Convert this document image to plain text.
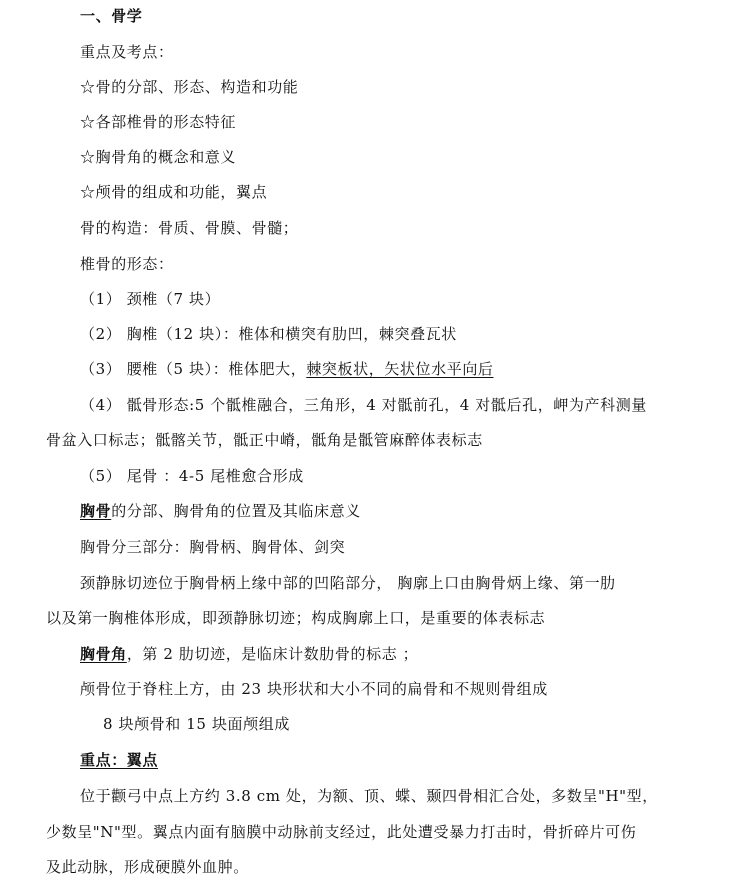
一、骨学
重点及考点：
☆骨的分部、形态、构造和功能
☆各部椎骨的形态特征
☆胸骨角的概念和意义
☆颅骨的组成和功能，翼点
骨的构造：骨质、骨膜、骨髓；
椎骨的形态：
（1） 颈椎（7 块）
（2） 胸椎（12 块）：椎体和横突有肋凹，棘突叠瓦状
（3） 腰椎（5 块）：椎体肥大，棘突板状，矢状位水平向后
（4） 骶骨形态:5 个骶椎融合，三角形，4 对骶前孔，4 对骶后孔，岬为产科测量
骨盆入口标志；骶髂关节，骶正中嵴，骶角是骶管麻醉体表标志
（5） 尾骨 ：4-5 尾椎愈合形成
胸骨的分部、胸骨角的位置及其临床意义
胸骨分三部分：胸骨柄、胸骨体、剑突
颈静脉切迹位于胸骨柄上缘中部的凹陷部分， 胸廓上口由胸骨炳上缘、第一肋
以及第一胸椎体形成，即颈静脉切迹；构成胸廓上口，是重要的体表标志
胸骨角，第 2 肋切迹，是临床计数肋骨的标志 ；
颅骨位于脊柱上方，由 23 块形状和大小不同的扁骨和不规则骨组成
8 块颅骨和 15 块面颅组成
重点：翼点
位于颧弓中点上方约 3.8 cm 处，为额、顶、蝶、颞四骨相汇合处，多数呈"H"型，
少数呈"N"型。翼点内面有脑膜中动脉前支经过，此处遭受暴力打击时，骨折碎片可伤
及此动脉，形成硬膜外血肿。
